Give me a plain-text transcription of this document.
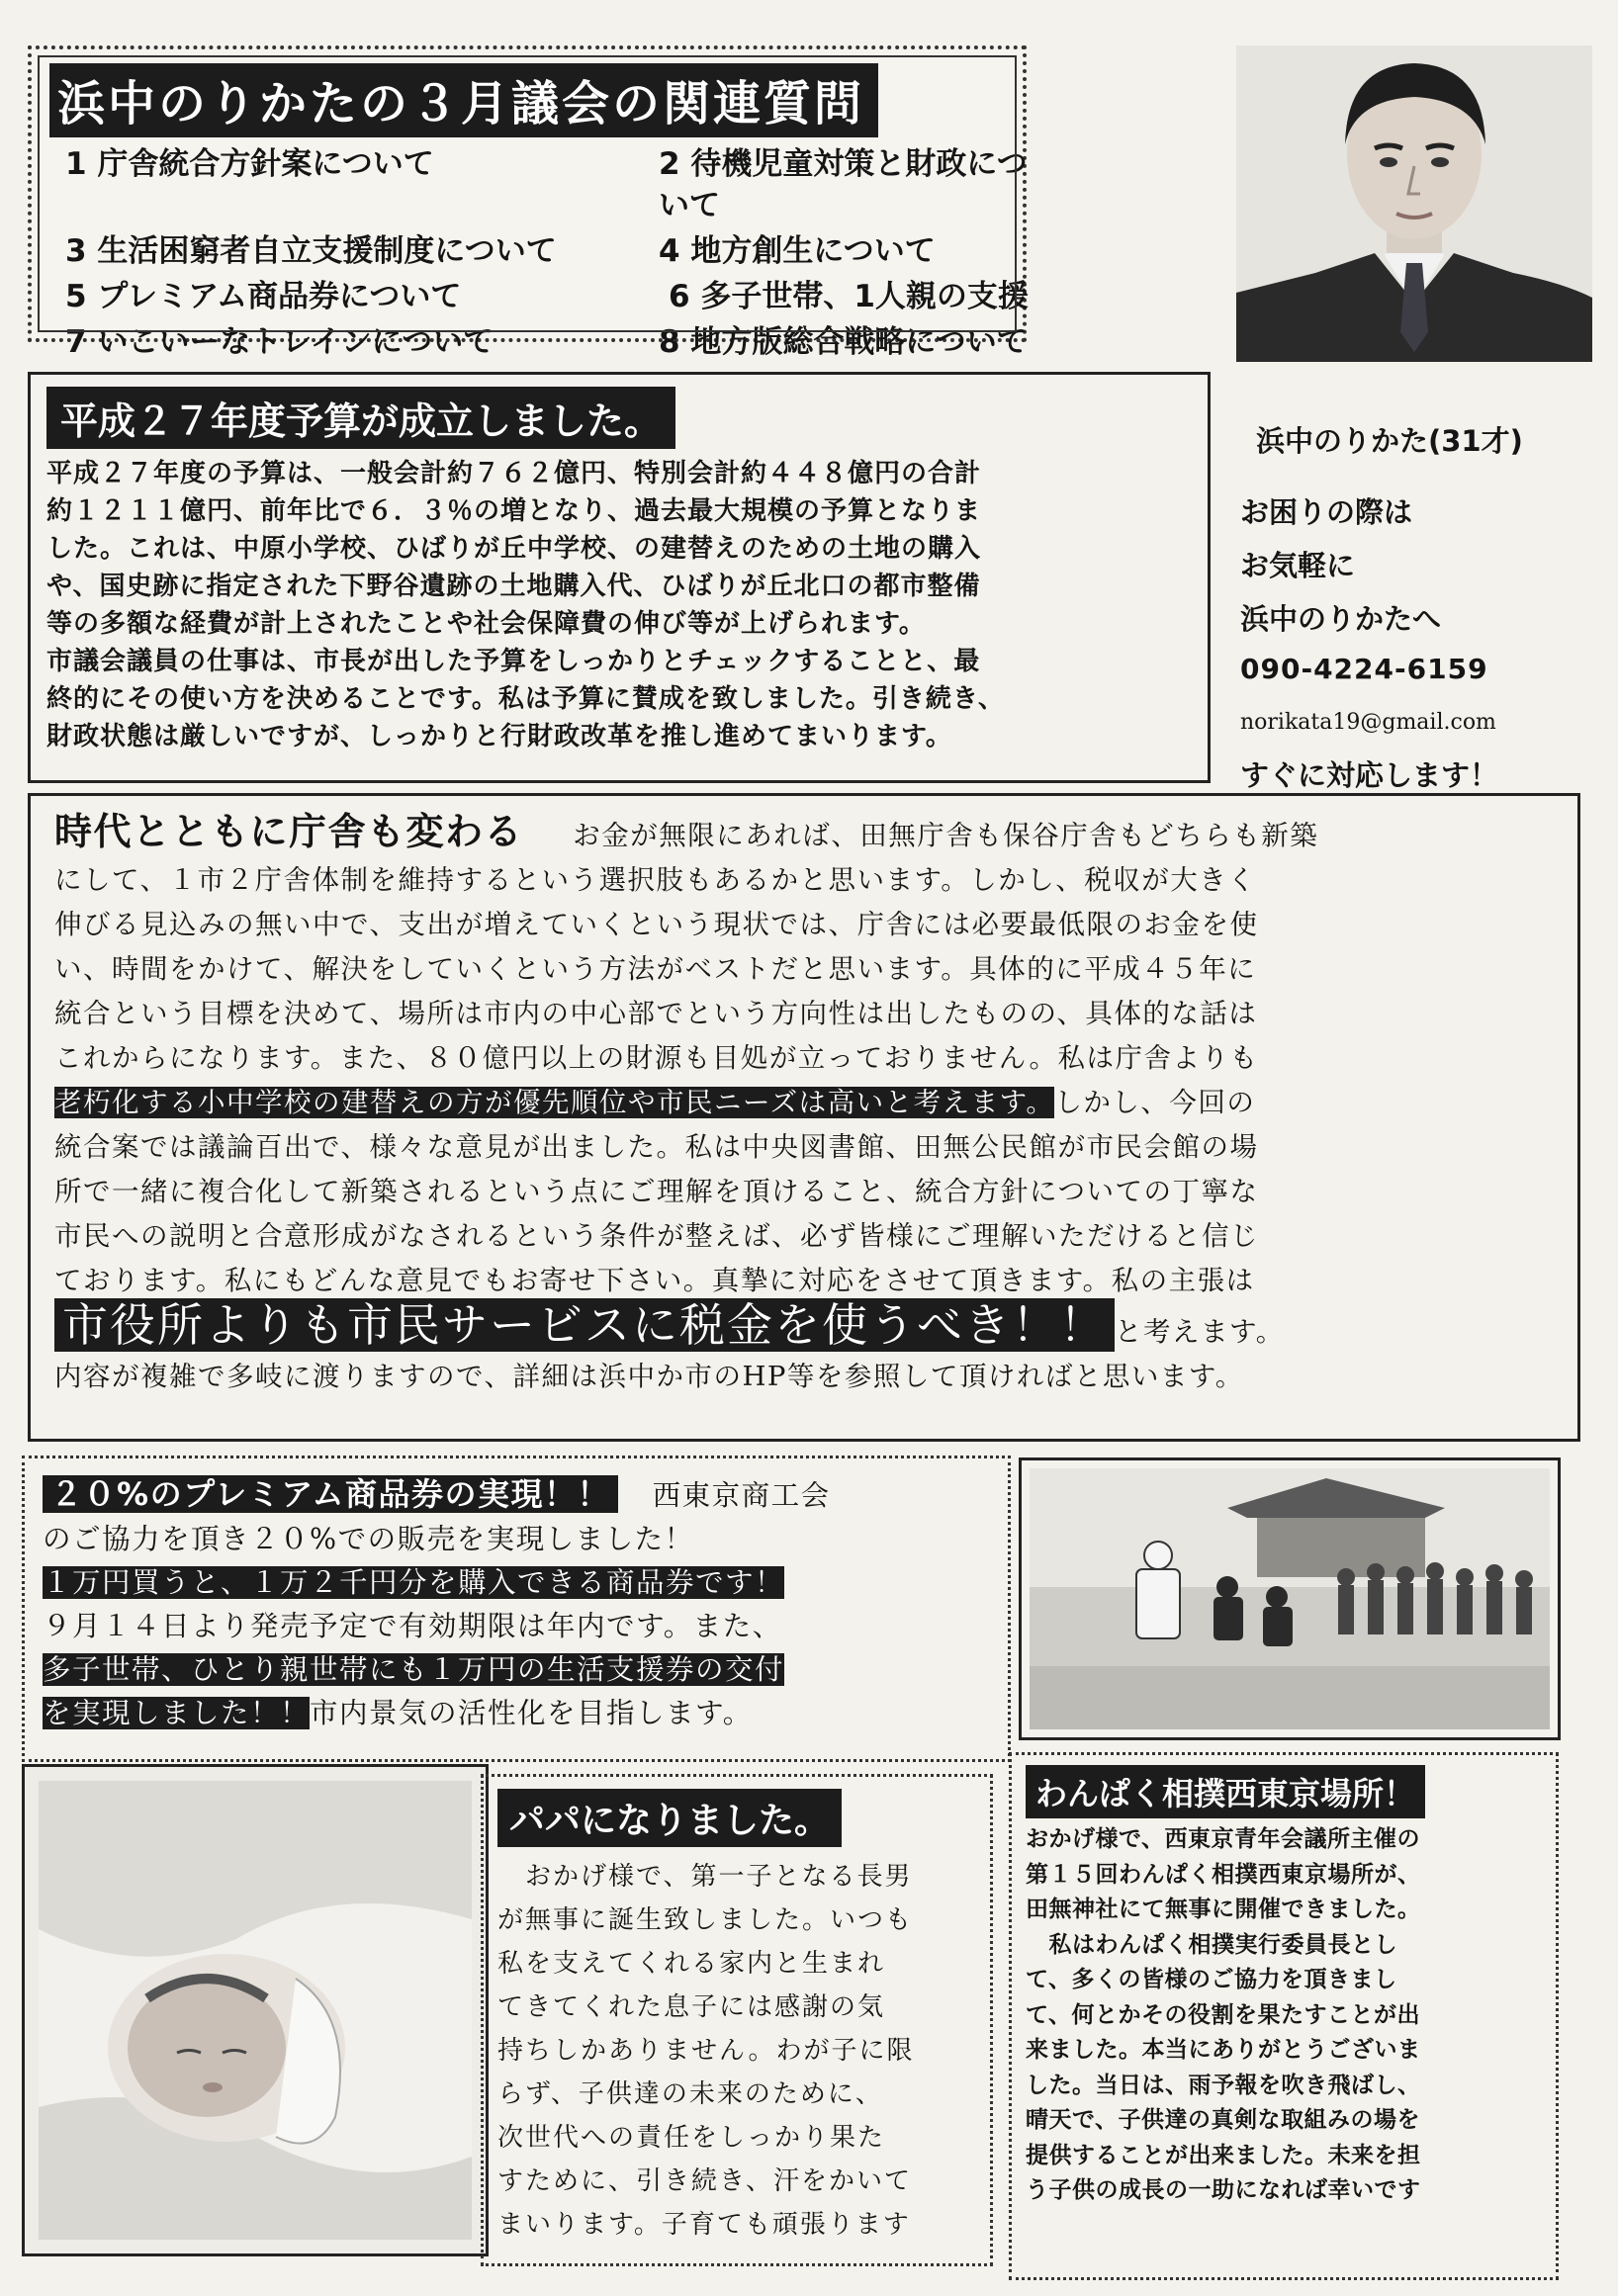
浜中のりかたの３月議会の関連質問
1 庁舎統合方針案について	2 待機児童対策と財政について
3 生活困窮者自立支援制度について	4 地方創生について
5 プレミアム商品券について	6 多子世帯、1人親の支援
7 いこいーなトレインについて	8 地方版総合戦略について
浜中のりかた(31才)
お困りの際は
お気軽に
浜中のりかたへ
090-4224-6159
norikata19@gmail.com
すぐに対応します！
平成２７年度予算が成立しました。

平成２７年度の予算は、一般会計約７６２億円、特別会計約４４８億円の合計
約１２１１億円、前年比で６．３％の増となり、過去最大規模の予算となりま
した。これは、中原小学校、ひばりが丘中学校、の建替えのための土地の購入
や、国史跡に指定された下野谷遺跡の土地購入代、ひばりが丘北口の都市整備
等の多額な経費が計上されたことや社会保障費の伸び等が上げられます。
市議会議員の仕事は、市長が出した予算をしっかりとチェックすることと、最
終的にその使い方を決めることです。私は予算に賛成を致しました。引き続き、
財政状態は厳しいですが、しっかりと行財政改革を推し進めてまいります。

時代とともに庁舎も変わる お金が無限にあれば、田無庁舎も保谷庁舎もどちらも新築
にして、１市２庁舎体制を維持するという選択肢もあるかと思います。しかし、税収が大きく
伸びる見込みの無い中で、支出が増えていくという現状では、庁舎には必要最低限のお金を使
い、時間をかけて、解決をしていくという方法がベストだと思います。具体的に平成４５年に
統合という目標を決めて、場所は市内の中心部でという方向性は出したものの、具体的な話は
これからになります。また、８０億円以上の財源も目処が立っておりません。私は庁舎よりも
老朽化する小中学校の建替えの方が優先順位や市民ニーズは高いと考えます。しかし、今回の
統合案では議論百出で、様々な意見が出ました。私は中央図書館、田無公民館が市民会館の場
所で一緒に複合化して新築されるという点にご理解を頂けること、統合方針についての丁寧な
市民への説明と合意形成がなされるという条件が整えば、必ず皆様にご理解いただけると信じ
ております。私にもどんな意見でもお寄せ下さい。真摯に対応をさせて頂きます。私の主張は
市役所よりも市民サービスに税金を使うべき！！ と考えます。
内容が複雑で多岐に渡りますので、詳細は浜中か市のHP等を参照して頂ければと思います。
２０%のプレミアム商品券の実現！！ 西東京商工会
のご協力を頂き２０%での販売を実現しました！
１万円買うと、１万２千円分を購入できる商品券です！
９月１４日より発売予定で有効期限は年内です。また、
多子世帯、ひとり親世帯にも１万円の生活支援券の交付
を実現しました！！市内景気の活性化を目指します。
わんぱく相撲西東京場所！

おかげ様で、西東京青年会議所主催の
第１５回わんぱく相撲西東京場所が、
田無神社にて無事に開催できました。
　私はわんぱく相撲実行委員長とし
て、多くの皆様のご協力を頂きまし
て、何とかその役割を果たすことが出
来ました。本当にありがとうございま
した。当日は、雨予報を吹き飛ばし、
晴天で、子供達の真剣な取組みの場を
提供することが出来ました。未来を担
う子供の成長の一助になれば幸いです

パパになりました。

　おかげ様で、第一子となる長男
が無事に誕生致しました。いつも
私を支えてくれる家内と生まれ
てきてくれた息子には感謝の気
持ちしかありません。わが子に限
らず、子供達の未来のために、
次世代への責任をしっかり果た
すために、引き続き、汗をかいて
まいります。子育ても頑張ります
